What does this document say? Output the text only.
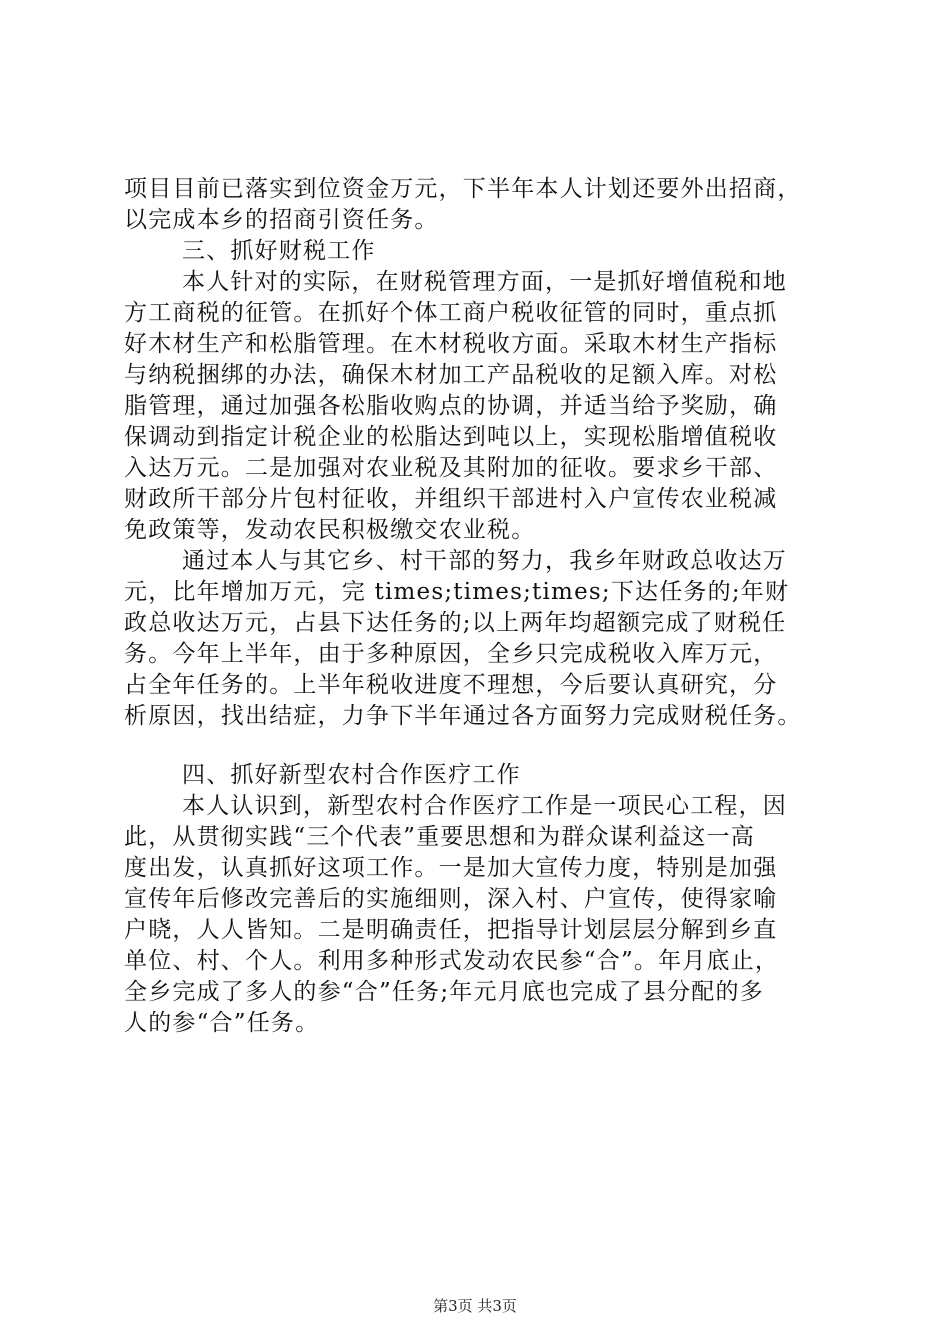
项目目前已落实到位资金万元，下半年本人计划还要外出招商，
以完成本乡的招商引资任务。
三、抓好财税工作
本人针对的实际，在财税管理方面，一是抓好增值税和地
方工商税的征管。在抓好个体工商户税收征管的同时，重点抓
好木材生产和松脂管理。在木材税收方面。采取木材生产指标
与纳税捆绑的办法，确保木材加工产品税收的足额入库。对松
脂管理，通过加强各松脂收购点的协调，并适当给予奖励，确
保调动到指定计税企业的松脂达到吨以上，实现松脂增值税收
入达万元。二是加强对农业税及其附加的征收。要求乡干部、
财政所干部分片包村征收，并组织干部进村入户宣传农业税减
免政策等，发动农民积极缴交农业税。
通过本人与其它乡、村干部的努力，我乡年财政总收达万
元，比年增加万元，完 times;times;times;下达任务的;年财
政总收达万元，占县下达任务的;以上两年均超额完成了财税任
务。今年上半年，由于多种原因，全乡只完成税收入库万元，
占全年任务的。上半年税收进度不理想，今后要认真研究，分
析原因，找出结症，力争下半年通过各方面努力完成财税任务。
四、抓好新型农村合作医疗工作
本人认识到，新型农村合作医疗工作是一项民心工程，因
此，从贯彻实践“三个代表”重要思想和为群众谋利益这一高
度出发，认真抓好这项工作。一是加大宣传力度，特别是加强
宣传年后修改完善后的实施细则，深入村、户宣传，使得家喻
户晓，人人皆知。二是明确责任，把指导计划层层分解到乡直
单位、村、个人。利用多种形式发动农民参“合”。年月底止，
全乡完成了多人的参“合”任务;年元月底也完成了县分配的多
人的参“合”任务。
第3页 共3页
